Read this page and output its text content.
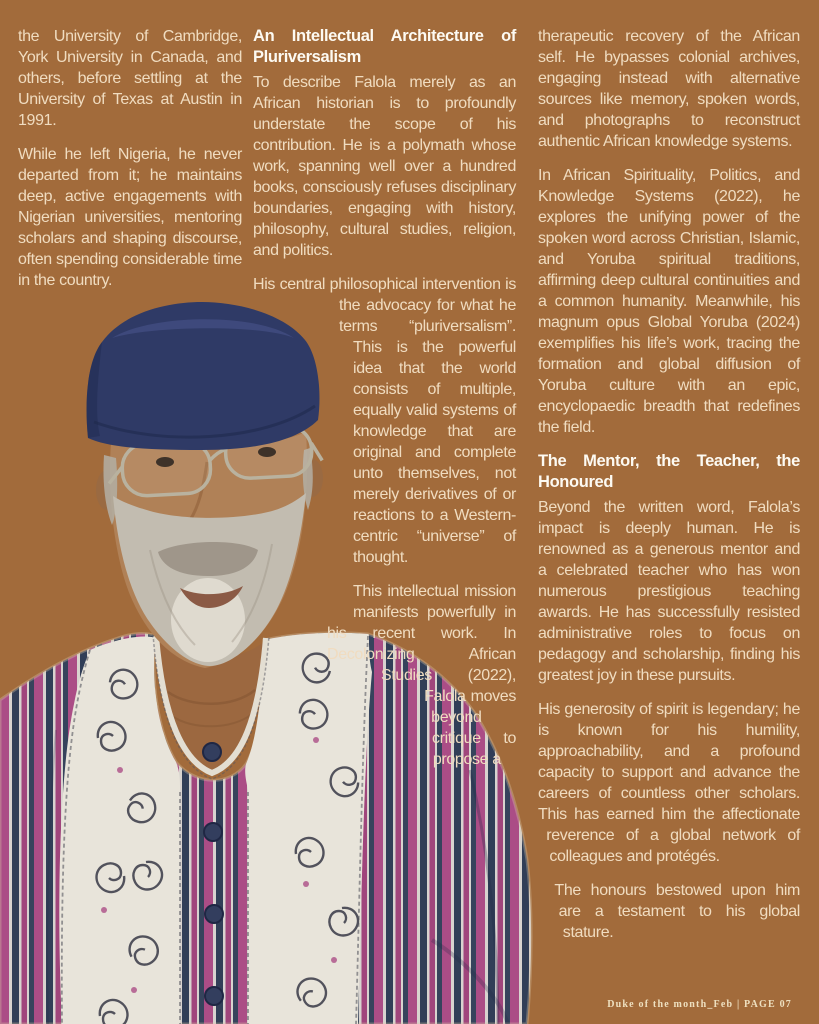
the University of Cambridge, York University in Canada, and others, before settling at the University of Texas at Austin in 1991.

While he left Nigeria, he never departed from it; he maintains deep, active engagements with Nigerian universities, mentoring scholars and shaping discourse, often spending considerable time in the country.

An Intellectual Architecture of Pluriversalism

To describe Falola merely as an African historian is to profoundly understate the scope of his contribution. He is a polymath whose work, spanning well over a hundred books, consciously refuses disciplinary boundaries, engaging with history, philosophy, cultural studies, religion, and politics.

His central philosophical intervention is the advocacy for what he terms “pluriversalism”. This is the powerful idea that the world consists of multiple, equally valid systems of knowledge that are original and complete unto themselves, not merely derivatives of or reactions to a Western-centric “universe” of thought.

This intellectual mission manifests powerfully in his recent work. In Decolonizing African Studies (2022), Falola moves beyond critique to propose a

therapeutic recovery of the African self. He bypasses colonial archives, engaging instead with alternative sources like memory, spoken words, and photographs to reconstruct authentic African knowledge systems.

In African Spirituality, Politics, and Knowledge Systems (2022), he explores the unifying power of the spoken word across Christian, Islamic, and Yoruba spiritual traditions, affirming deep cultural continuities and a common humanity. Meanwhile, his magnum opus Global Yoruba (2024) exemplifies his life’s work, tracing the formation and global diffusion of Yoruba culture with an epic, encyclopaedic breadth that redefines the field.

The Mentor, the Teacher, the Honoured

Beyond the written word, Falola’s impact is deeply human. He is renowned as a generous mentor and a celebrated teacher who has won numerous prestigious teaching awards. He has successfully resisted administrative roles to focus on pedagogy and scholarship, finding his greatest joy in these pursuits.

His generosity of spirit is legendary; he is known for his humility, approachability, and a profound capacity to support and advance the careers of countless other scholars. This has earned him the affectionate reverence of a global network of colleagues and protégés.

The honours bestowed upon him are a testament to his global stature.

Duke of the month_Feb | PAGE 07
